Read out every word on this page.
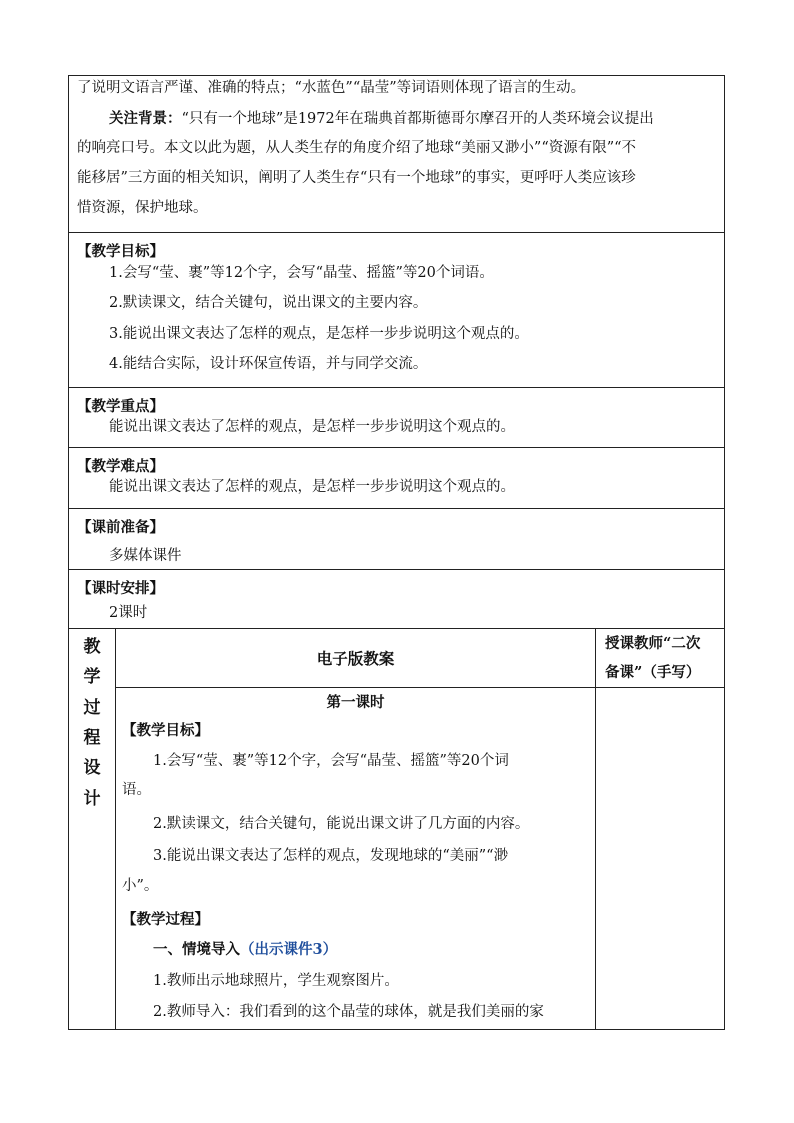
了说明文语言严谨、准确的特点；“水蓝色”“晶莹”等词语则体现了语言的生动。
关注背景：“只有一个地球”是1972年在瑞典首都斯德哥尔摩召开的人类环境会议提出
的响亮口号。本文以此为题，从人类生存的角度介绍了地球“美丽又渺小”“资源有限”“不
能移居”三方面的相关知识，阐明了人类生存“只有一个地球”的事实，更呼吁人类应该珍
惜资源，保护地球。
【教学目标】
1.会写“莹、裹”等12个字，会写“晶莹、摇篮”等20个词语。
2.默读课文，结合关键句，说出课文的主要内容。
3.能说出课文表达了怎样的观点，是怎样一步步说明这个观点的。
4.能结合实际，设计环保宣传语，并与同学交流。
【教学重点】
能说出课文表达了怎样的观点，是怎样一步步说明这个观点的。
【教学难点】
能说出课文表达了怎样的观点，是怎样一步步说明这个观点的。
【课前准备】
多媒体课件
【课时安排】
2课时
教
学
过
程
设
计
电子版教案
授课教师“二次
备课”（手写）
第一课时
【教学目标】
1.会写“莹、裹”等12个字，会写“晶莹、摇篮”等20个词
语。
2.默读课文，结合关键句，能说出课文讲了几方面的内容。
3.能说出课文表达了怎样的观点，发现地球的“美丽”“渺
小”。
【教学过程】
一、情境导入（出示课件3）
1.教师出示地球照片，学生观察图片。
2.教师导入：我们看到的这个晶莹的球体，就是我们美丽的家
